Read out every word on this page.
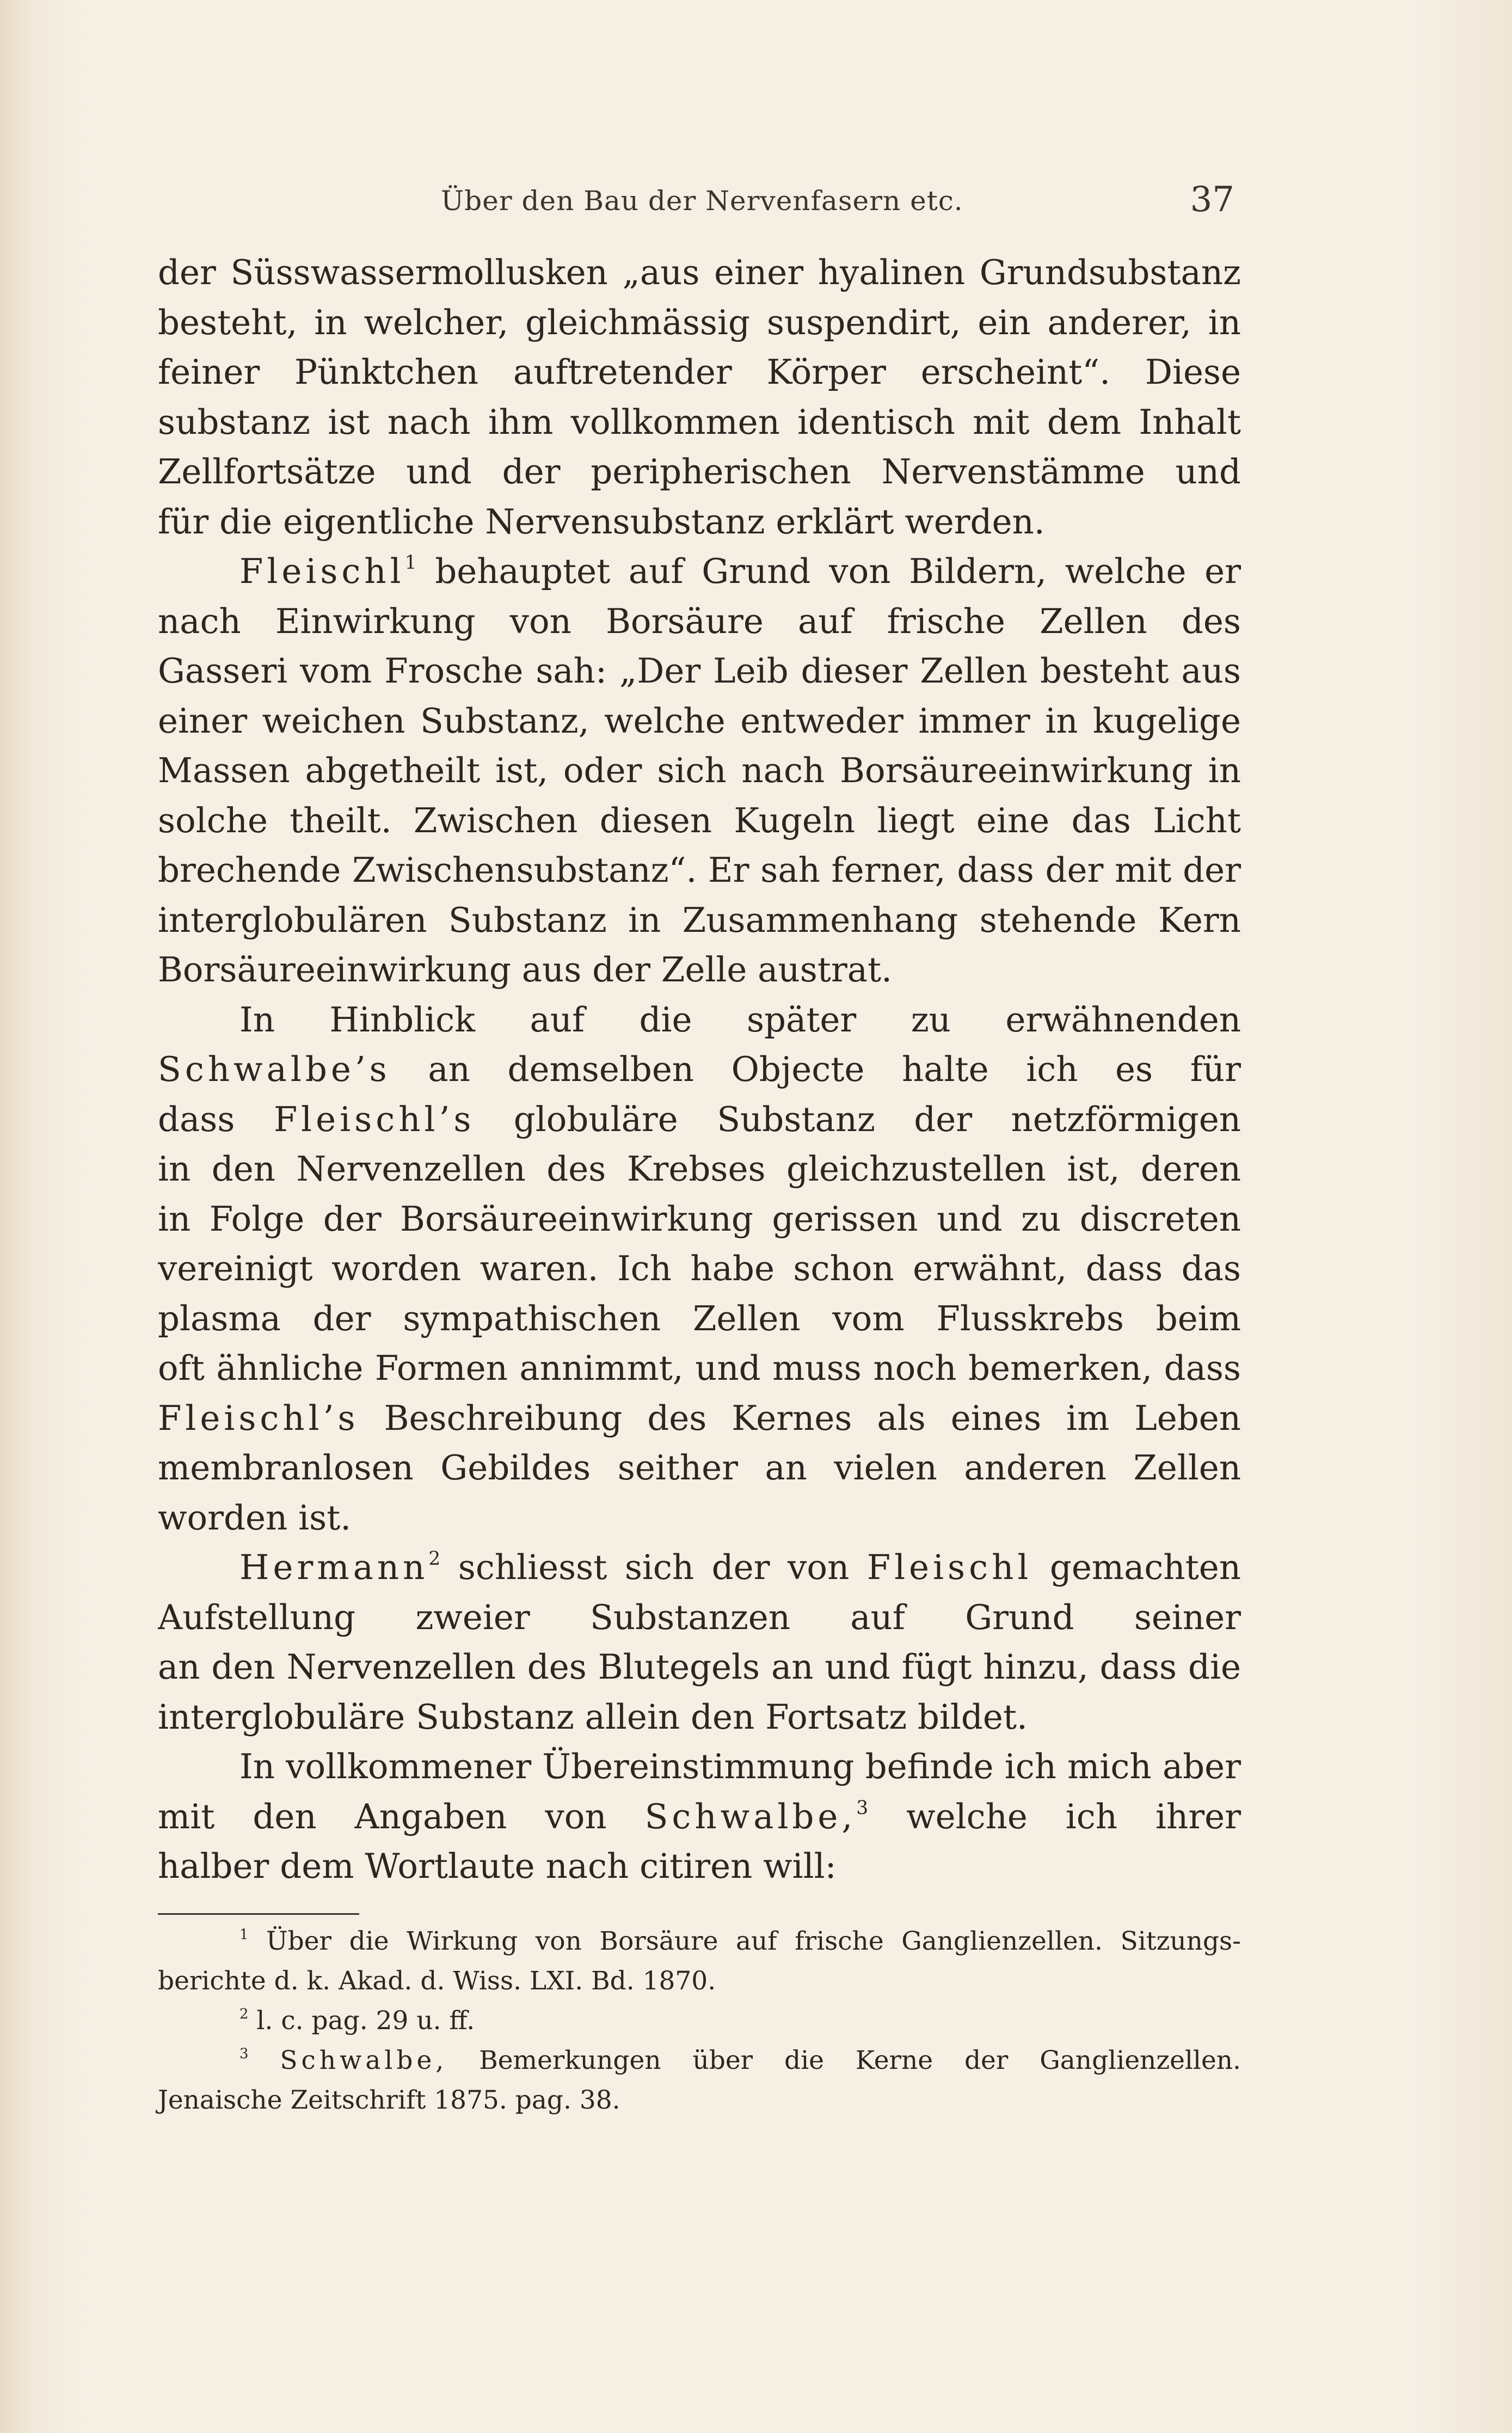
Über den Bau der Nervenfasern etc.	37
der Süsswassermollusken „aus einer hyalinen Grundsubstanz
besteht, in welcher, gleichmässig suspendirt, ein anderer, in
feiner Pünktchen auftretender Körper erscheint“. Diese
substanz ist nach ihm vollkommen identisch mit dem Inhalt
Zellfortsätze und der peripherischen Nervenstämme und
für die eigentliche Nervensubstanz erklärt werden.
Fleischl$^1$ behauptet auf Grund von Bildern, welche er
nach Einwirkung von Borsäure auf frische Zellen des
Gasseri vom Frosche sah: „Der Leib dieser Zellen besteht aus
einer weichen Substanz, welche entweder immer in kugelige
Massen abgetheilt ist, oder sich nach Borsäureeinwirkung in
solche theilt. Zwischen diesen Kugeln liegt eine das Licht
brechende Zwischensubstanz“. Er sah ferner, dass der mit der
interglobulären Substanz in Zusammenhang stehende Kern
Borsäureeinwirkung aus der Zelle austrat.
In Hinblick auf die später zu erwähnenden
Schwalbe’s an demselben Objecte halte ich es für
dass Fleischl’s globuläre Substanz der netzförmigen
in den Nervenzellen des Krebses gleichzustellen ist, deren
in Folge der Borsäureeinwirkung gerissen und zu discreten
vereinigt worden waren. Ich habe schon erwähnt, dass das
plasma der sympathischen Zellen vom Flusskrebs beim
oft ähnliche Formen annimmt, und muss noch bemerken, dass
Fleischl’s Beschreibung des Kernes als eines im Leben
membranlosen Gebildes seither an vielen anderen Zellen
worden ist.
Hermann$^2$ schliesst sich der von Fleischl gemachten
Aufstellung zweier Substanzen auf Grund seiner
an den Nervenzellen des Blutegels an und fügt hinzu, dass die
interglobuläre Substanz allein den Fortsatz bildet.
In vollkommener Übereinstimmung befinde ich mich aber
mit den Angaben von Schwalbe,$^3$ welche ich ihrer
halber dem Wortlaute nach citiren will:
$^1$ Über die Wirkung von Borsäure auf frische Ganglienzellen. Sitzungs-
berichte d. k. Akad. d. Wiss. LXI. Bd. 1870.
$^2$ l. c. pag. 29 u. ff.
$^3$ Schwalbe, Bemerkungen über die Kerne der Ganglienzellen.
Jenaische Zeitschrift 1875. pag. 38.
